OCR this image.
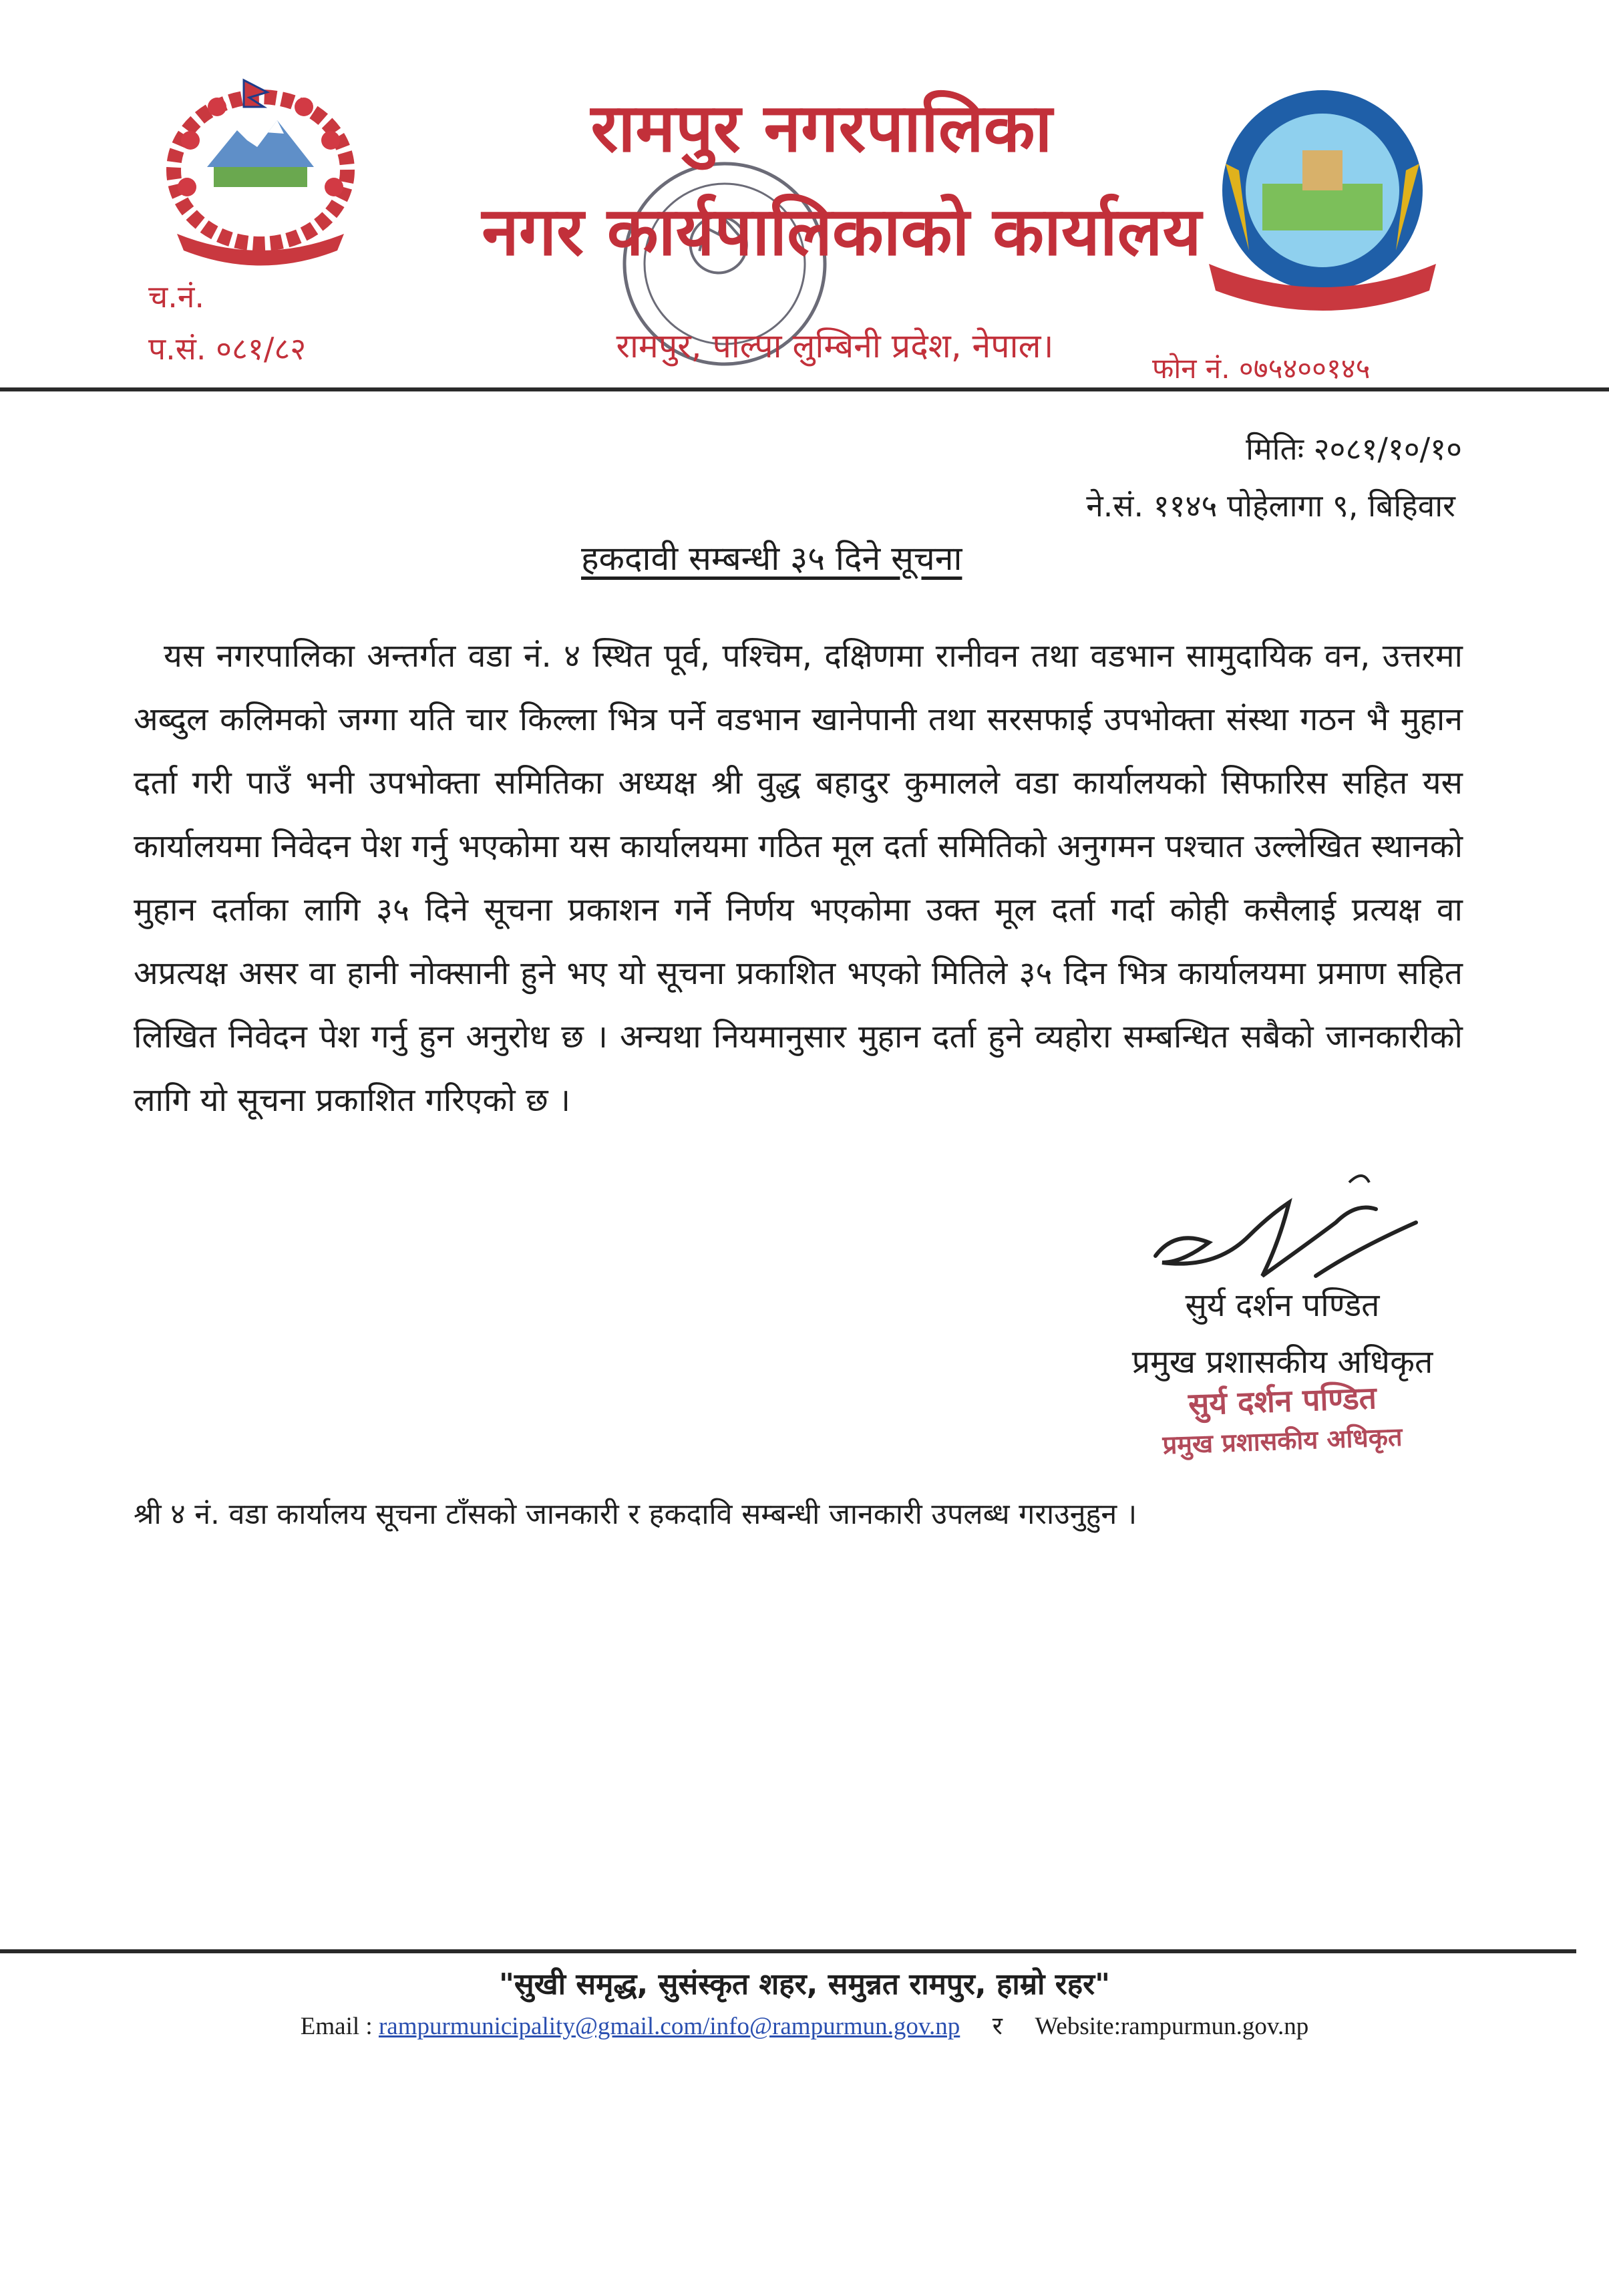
रामपुर नगरपालिका
नगर कार्यपालिकाको कार्यालय
रामपुर, पाल्पा लुम्बिनी प्रदेश, नेपाल।
च.नं.
प.सं. ०८१/८२
फोन नं. ०७५४००१४५
मितिः २०८१/१०/१०
ने.सं. ११४५ पोहेलागा ९, बिहिवार
हकदावी सम्बन्धी ३५ दिने सूचना
यस नगरपालिका अन्तर्गत वडा नं. ४ स्थित पूर्व, पश्चिम, दक्षिणमा रानीवन तथा वडभान सामुदायिक वन, उत्तरमा अब्दुल कलिमको जग्गा यति चार किल्ला भित्र पर्ने वडभान खानेपानी तथा सरसफाई उपभोक्ता संस्था गठन भै मुहान दर्ता गरी पाउँ भनी उपभोक्ता समितिका अध्यक्ष श्री वुद्ध बहादुर कुमालले वडा कार्यालयको सिफारिस सहित यस कार्यालयमा निवेदन पेश गर्नु भएकोमा यस कार्यालयमा गठित मूल दर्ता समितिको अनुगमन पश्चात उल्लेखित स्थानको मुहान दर्ताका लागि ३५ दिने सूचना प्रकाशन गर्ने निर्णय भएकोमा उक्त मूल दर्ता गर्दा कोही कसैलाई प्रत्यक्ष वा अप्रत्यक्ष असर वा हानी नोक्सानी हुने भए यो सूचना प्रकाशित भएको मितिले ३५ दिन भित्र कार्यालयमा प्रमाण सहित लिखित निवेदन पेश गर्नु हुन अनुरोध छ । अन्यथा नियमानुसार मुहान दर्ता हुने व्यहोरा सम्बन्धित सबैको जानकारीको लागि यो सूचना प्रकाशित गरिएको छ ।
सुर्य दर्शन पण्डित
प्रमुख प्रशासकीय अधिकृत
सुर्य दर्शन पण्डित
प्रमुख प्रशासकीय अधिकृत
श्री ४ नं. वडा कार्यालय सूचना टाँसको जानकारी र हकदावि सम्बन्धी जानकारी उपलब्ध गराउनुहुन ।
"सुखी समृद्ध, सुसंस्कृत शहर, समुन्नत रामपुर, हाम्रो रहर"
Email : rampurmunicipality@gmail.com/info@rampurmun.gov.np र Website:rampurmun.gov.np
